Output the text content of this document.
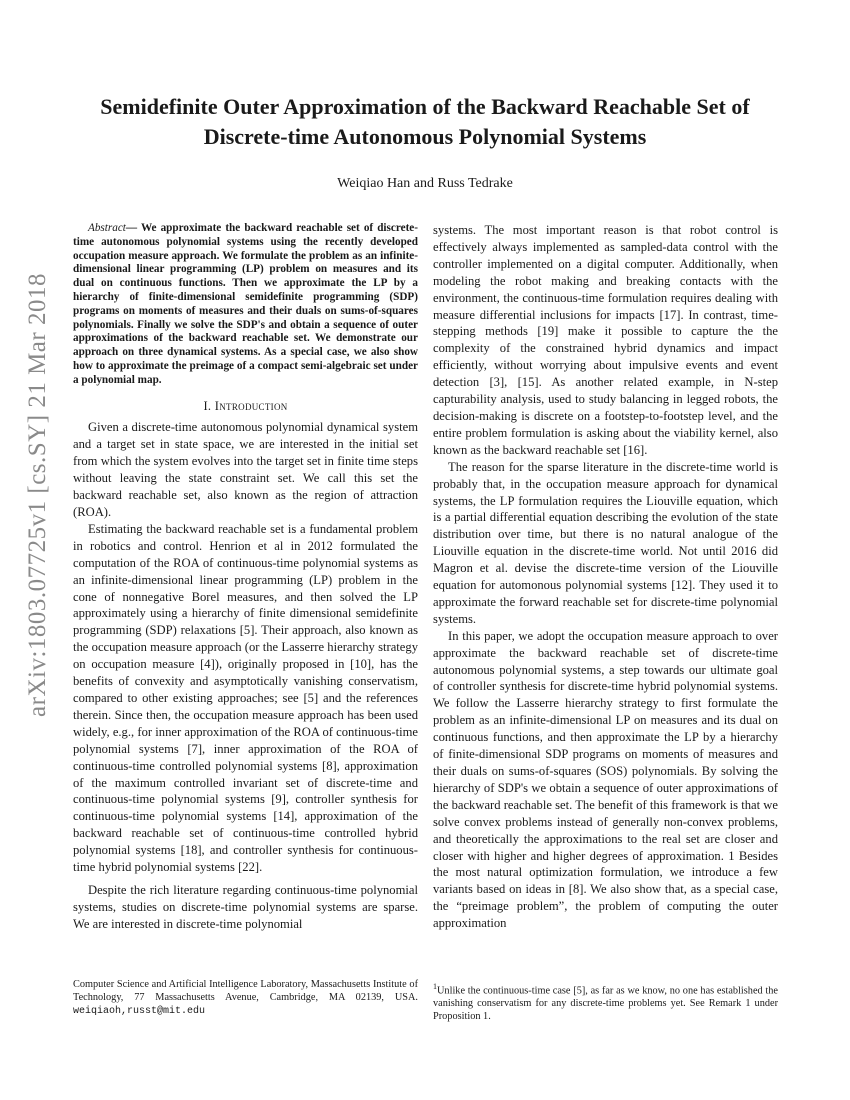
arXiv:1803.07725v1 [cs.SY] 21 Mar 2018
Semidefinite Outer Approximation of the Backward Reachable Set of
Discrete-time Autonomous Polynomial Systems
Weiqiao Han and Russ Tedrake

Abstract— We approximate the backward reachable set of discrete-time autonomous polynomial systems using the recently developed occupation measure approach. We formulate the problem as an infinite-dimensional linear programming (LP) problem on measures and its dual on continuous functions. Then we approximate the LP by a hierarchy of finite-dimensional semidefinite programming (SDP) programs on moments of measures and their duals on sums-of-squares polynomials. Finally we solve the SDP's and obtain a sequence of outer approximations of the backward reachable set. We demonstrate our approach on three dynamical systems. As a special case, we also show how to approximate the preimage of a compact semi-algebraic set under a polynomial map.

I. Introduction

Given a discrete-time autonomous polynomial dynamical system and a target set in state space, we are interested in the initial set from which the system evolves into the target set in finite time steps without leaving the state constraint set. We call this set the backward reachable set, also known as the region of attraction (ROA).

Estimating the backward reachable set is a fundamental problem in robotics and control. Henrion et al in 2012 formulated the computation of the ROA of continuous-time polynomial systems as an infinite-dimensional linear programming (LP) problem in the cone of nonnegative Borel measures, and then solved the LP approximately using a hierarchy of finite dimensional semidefinite programming (SDP) relaxations [5]. Their approach, also known as the occupation measure approach (or the Lasserre hierarchy strategy on occupation measure [4]), originally proposed in [10], has the benefits of convexity and asymptotically vanishing conservatism, compared to other existing approaches; see [5] and the references therein. Since then, the occupation measure approach has been used widely, e.g., for inner approximation of the ROA of continuous-time polynomial systems [7], inner approximation of the ROA of continuous-time controlled polynomial systems [8], approximation of the maximum controlled invariant set of discrete-time and continuous-time polynomial systems [9], controller synthesis for continuous-time polynomial systems [14], approximation of the backward reachable set of continuous-time controlled hybrid polynomial systems [18], and controller synthesis for continuous-time hybrid polynomial systems [22].

Despite the rich literature regarding continuous-time polynomial systems, studies on discrete-time polynomial systems are sparse. We are interested in discrete-time polynomial

systems. The most important reason is that robot control is effectively always implemented as sampled-data control with the controller implemented on a digital computer. Additionally, when modeling the robot making and breaking contacts with the environment, the continuous-time formulation requires dealing with measure differential inclusions for impacts [17]. In contrast, time-stepping methods [19] make it possible to capture the the complexity of the constrained hybrid dynamics and impact efficiently, without worrying about impulsive events and event detection [3], [15]. As another related example, in N-step capturability analysis, used to study balancing in legged robots, the decision-making is discrete on a footstep-to-footstep level, and the entire problem formulation is asking about the viability kernel, also known as the backward reachable set [16].

The reason for the sparse literature in the discrete-time world is probably that, in the occupation measure approach for dynamical systems, the LP formulation requires the Liouville equation, which is a partial differential equation describing the evolution of the state distribution over time, but there is no natural analogue of the Liouville equation in the discrete-time world. Not until 2016 did Magron et al. devise the discrete-time version of the Liouville equation for automonous polynomial systems [12]. They used it to approximate the forward reachable set for discrete-time polynomial systems.

In this paper, we adopt the occupation measure approach to over approximate the backward reachable set of discrete-time autonomous polynomial systems, a step towards our ultimate goal of controller synthesis for discrete-time hybrid polynomial systems. We follow the Lasserre hierarchy strategy to first formulate the problem as an infinite-dimensional LP on measures and its dual on continuous functions, and then approximate the LP by a hierarchy of finite-dimensional SDP programs on moments of measures and their duals on sums-of-squares (SOS) polynomials. By solving the hierarchy of SDP's we obtain a sequence of outer approximations of the backward reachable set. The benefit of this framework is that we solve convex problems instead of generally non-convex problems, and theoretically the approximations to the real set are closer and closer with higher and higher degrees of approximation. 1 Besides the most natural optimization formulation, we introduce a few variants based on ideas in [8]. We also show that, as a special case, the “preimage problem”, the problem of computing the outer approximation

Computer Science and Artificial Intelligence Laboratory, Massachusetts Institute of Technology, 77 Massachusetts Avenue, Cambridge, MA 02139, USA. weiqiaoh,russt@mit.edu
$^1$Unlike the continuous-time case [5], as far as we know, no one has established the vanishing conservatism for any discrete-time problems yet. See Remark 1 under Proposition 1.
